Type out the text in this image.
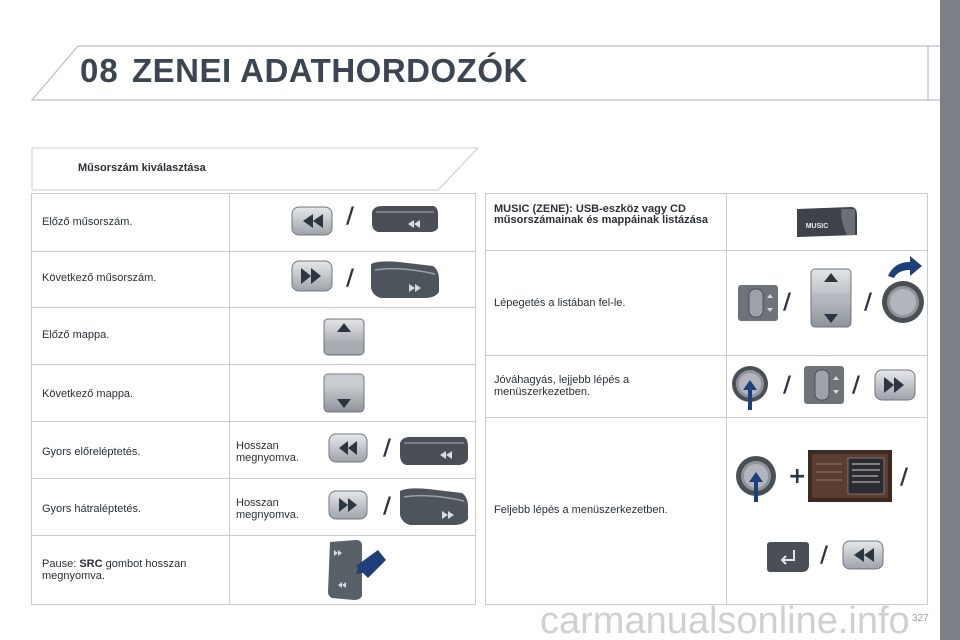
08 ZENEI ADATHORDOZÓK
Műsorszám kiválasztása
Előző műsorszám.
Következő műsorszám.
Előző mappa.
Következő mappa.
Gyors előreléptetés.	Hosszan megnyomva.
Gyors hátraléptetés.	Hosszan megnyomva.
Pause: SRC gombot hosszan megnyomva.
MUSIC (ZENE): USB-eszköz vagy CD műsorszámainak és mappáinak listázása
Lépegetés a listában fel-le.
Jóváhagyás, lejjebb lépés a menüszerkezetben.
Feljebb lépés a menüszerkezetben.
/
/
/
/
MUSIC
/	/
/	/
+	/
/
327
carmanualsonline.info
